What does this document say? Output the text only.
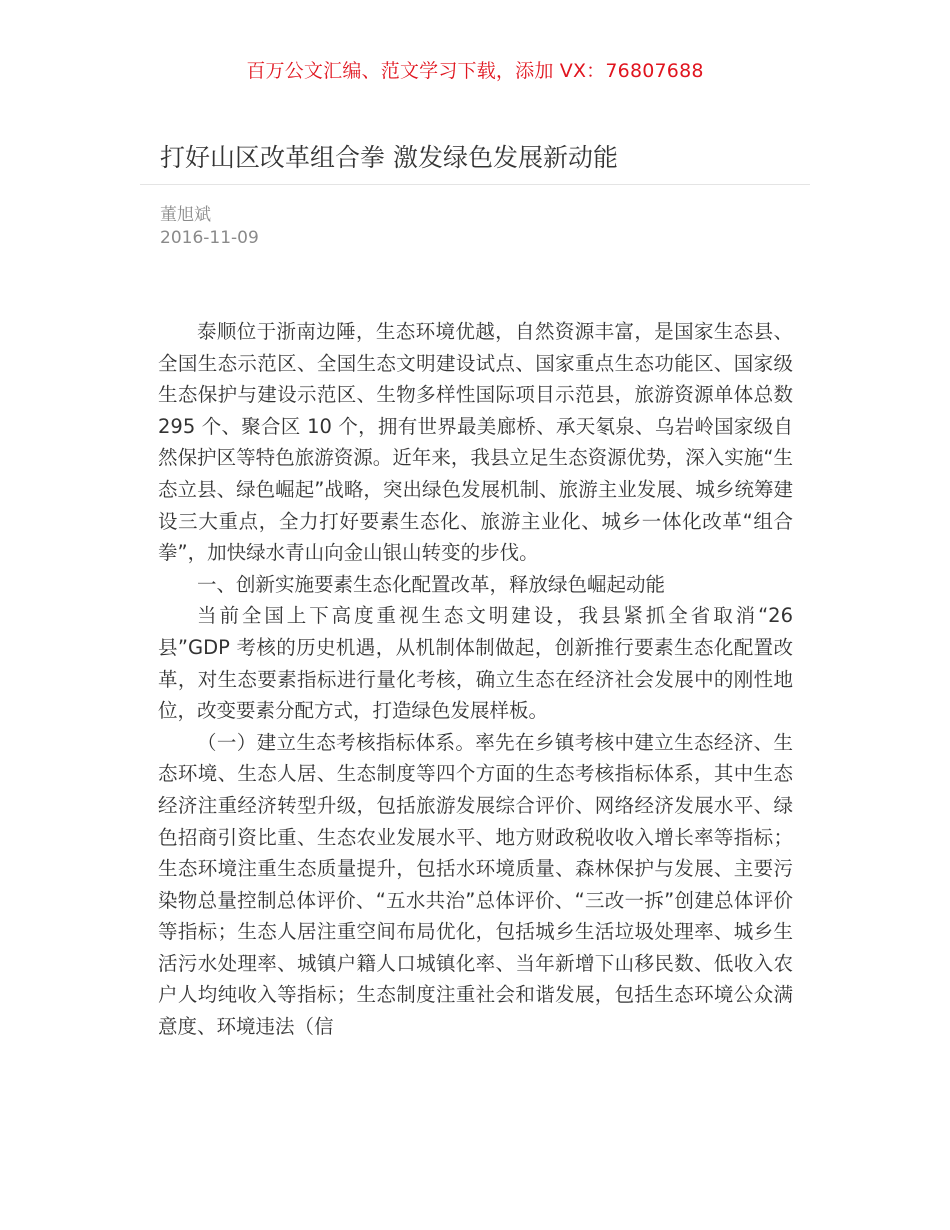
百万公文汇编、范文学习下载，添加 VX：76807688
打好山区改革组合拳 激发绿色发展新动能
董旭斌
2016-11-09

泰顺位于浙南边陲，生态环境优越，自然资源丰富，是国家生态县、全国生态示范区、全国生态文明建设试点、国家重点生态功能区、国家级生态保护与建设示范区、生物多样性国际项目示范县，旅游资源单体总数 295 个、聚合区 10 个，拥有世界最美廊桥、承天氡泉、乌岩岭国家级自然保护区等特色旅游资源。近年来，我县立足生态资源优势，深入实施“生态立县、绿色崛起”战略，突出绿色发展机制、旅游主业发展、城乡统筹建设三大重点，全力打好要素生态化、旅游主业化、城乡一体化改革“组合拳”，加快绿水青山向金山银山转变的步伐。

一、创新实施要素生态化配置改革，释放绿色崛起动能

当前全国上下高度重视生态文明建设，我县紧抓全省取消“26 县”GDP 考核的历史机遇，从机制体制做起，创新推行要素生态化配置改革，对生态要素指标进行量化考核，确立生态在经济社会发展中的刚性地位，改变要素分配方式，打造绿色发展样板。

（一）建立生态考核指标体系。率先在乡镇考核中建立生态经济、生态环境、生态人居、生态制度等四个方面的生态考核指标体系，其中生态经济注重经济转型升级，包括旅游发展综合评价、网络经济发展水平、绿色招商引资比重、生态农业发展水平、地方财政税收收入增长率等指标；生态环境注重生态质量提升，包括水环境质量、森林保护与发展、主要污染物总量控制总体评价、“五水共治”总体评价、“三改一拆”创建总体评价等指标；生态人居注重空间布局优化，包括城乡生活垃圾处理率、城乡生活污水处理率、城镇户籍人口城镇化率、当年新增下山移民数、低收入农户人均纯收入等指标；生态制度注重社会和谐发展，包括生态环境公众满意度、环境违法（信
